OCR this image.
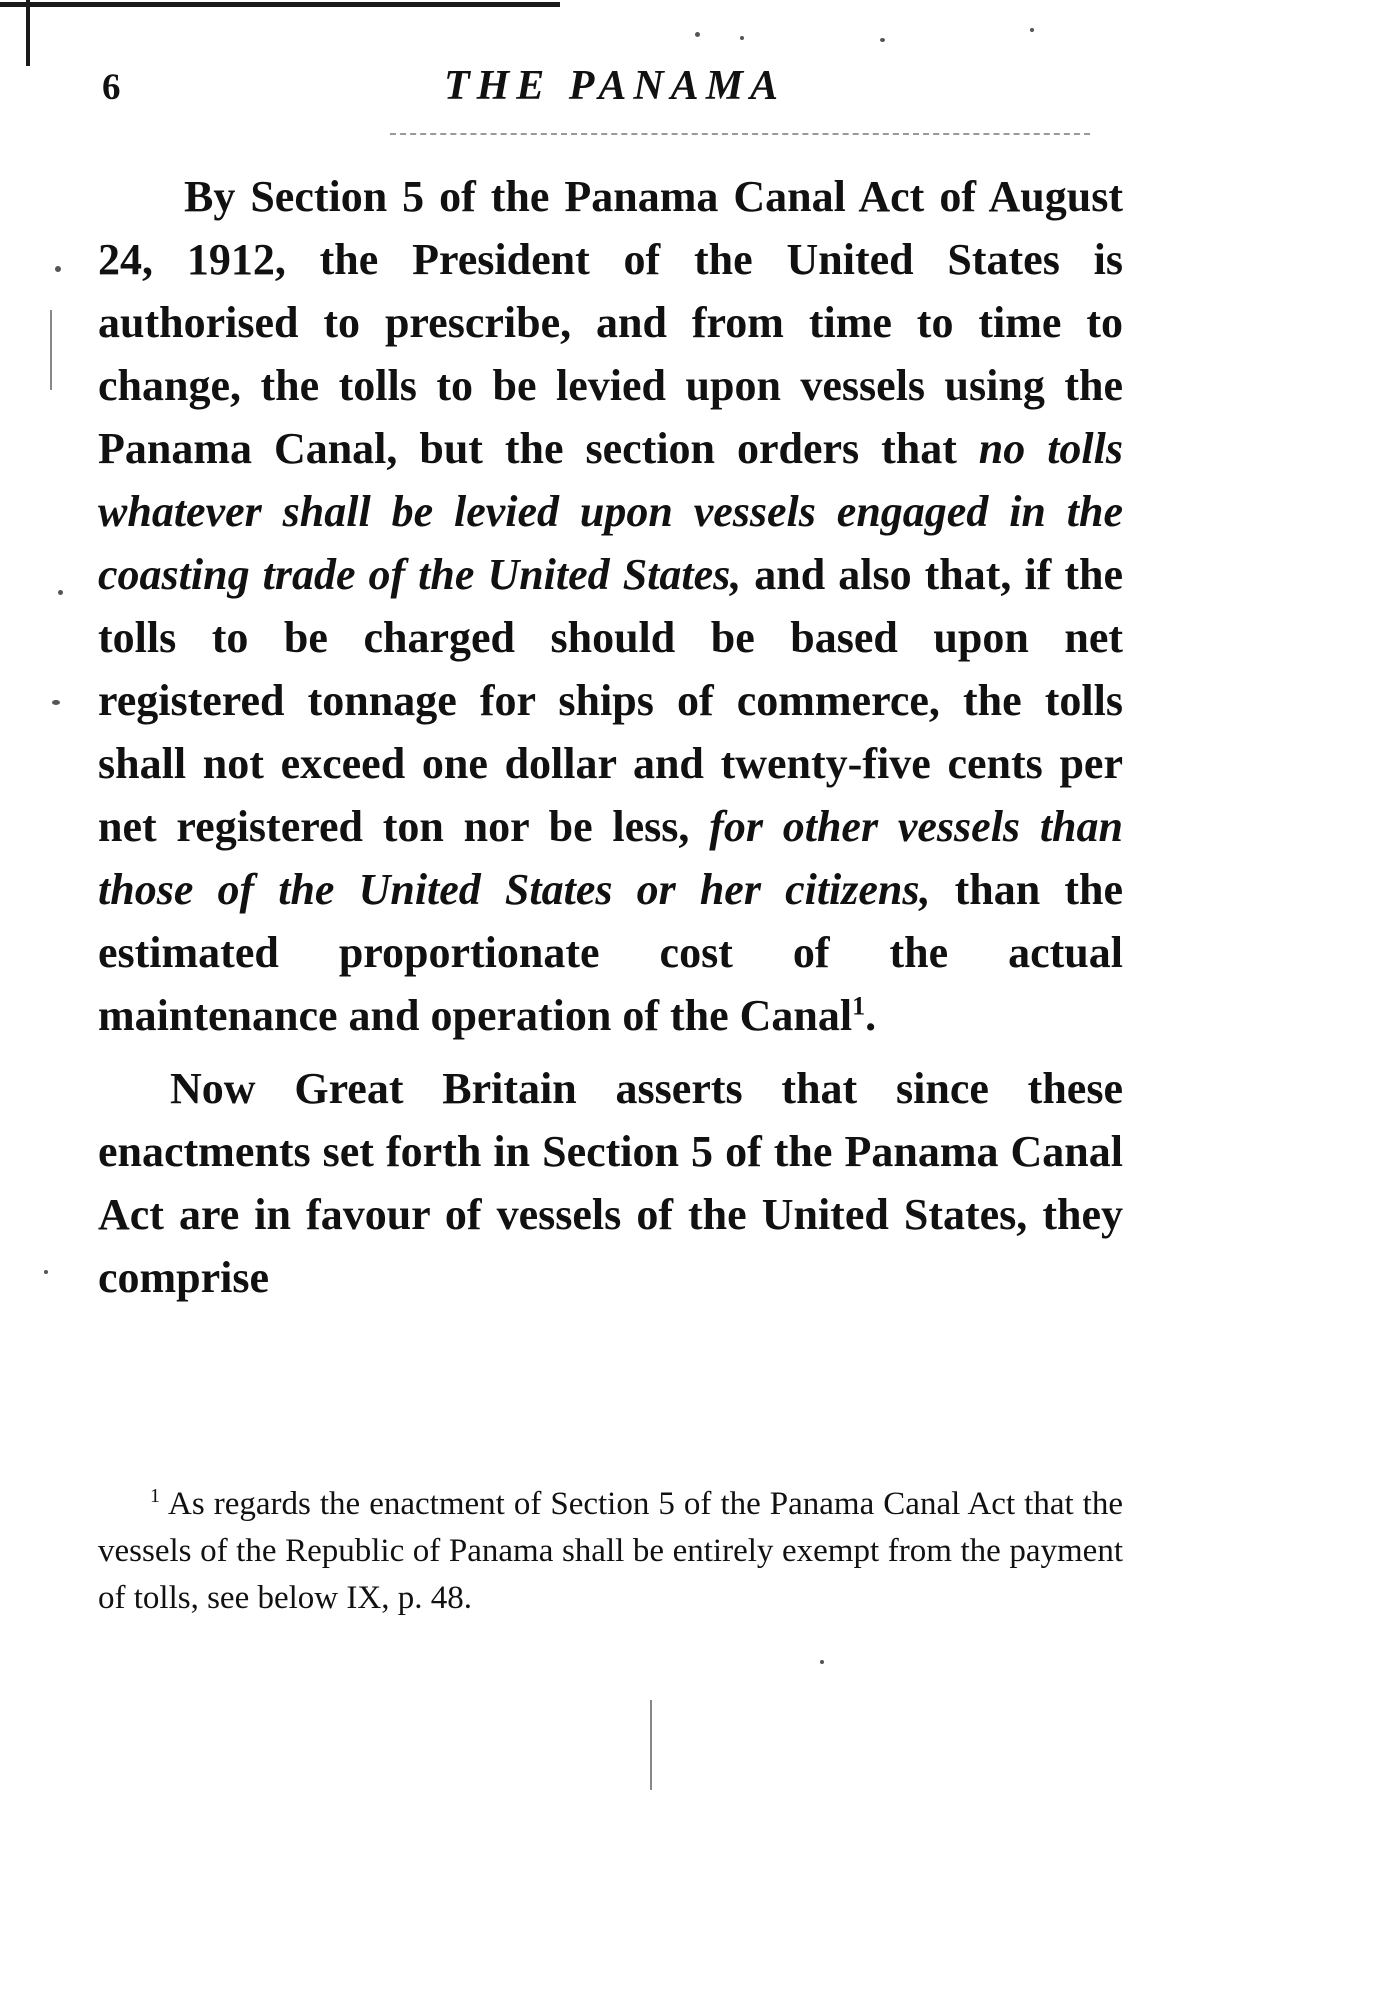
6	THE PANAMA

By Section 5 of the Panama Canal Act of August 24, 1912, the President of the United States is authorised to prescribe, and from time to time to change, the tolls to be levied upon vessels using the Panama Canal, but the section orders that no tolls whatever shall be levied upon vessels engaged in the coasting trade of the United States, and also that, if the tolls to be charged should be based upon net registered tonnage for ships of commerce, the tolls shall not exceed one dollar and twenty-five cents per net registered ton nor be less, for other vessels than those of the United States or her citizens, than the estimated proportionate cost of the actual maintenance and operation of the Canal$^1$.

Now Great Britain asserts that since these enactments set forth in Section 5 of the Panama Canal Act are in favour of vessels of the United States, they comprise

$^1$ As regards the enactment of Section 5 of the Panama Canal Act that the vessels of the Republic of Panama shall be entirely exempt from the payment of tolls, see below IX, p. 48.
